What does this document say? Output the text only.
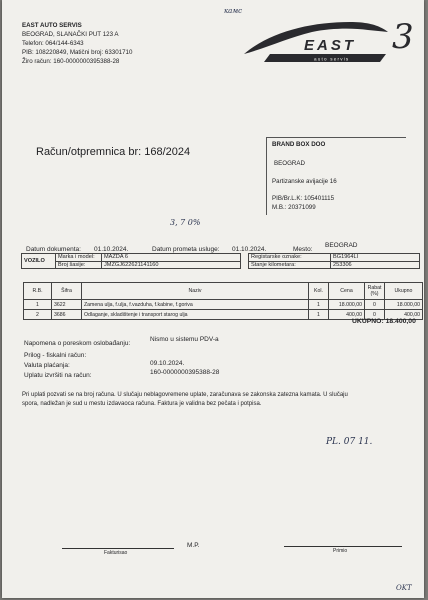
EAST AUTO SERVIS
BEOGRAD, SLANAČKI PUT 123 A
Telefon: 064/144-6343
PIB: 108220849, Matični broj: 63301710
Žiro račun: 160-0000000395388-28
EAST
auto servis
3
камс
Račun/otpremnica br: 168/2024
BRAND BOX DOO
BEOGRAD
Partizanske avijacije 16
PIB/Br.L.K: 105401115
M.B.: 20371099
3, 7 0%
Datum dokumenta: 01.10.2024.	Datum prometa usluge: 01.10.2024.	Mesto:
BEOGRAD
VOZILO	Marka i model:	MAZDA 6
	Broj šasije:	JMZGJ622621141160
Registarske oznake:	BG1964LI
Stanje kilometara:	253306
R.B.	Šifra	Naziv	Kol.	Cena	Rabat (%)	Ukupno
1	3622	Zamena ulja, f.ulja, f.vazduha, f.kabine, f.goriva	1	18.000,00	0	18.000,00
2	3686	Odlaganje, skladištenje i transport starog ulja	1	400,00	0	400,00
UKUPNO: 18.400,00
Napomena o poreskom oslobađanju:
Nismo u sistemu PDV-a
Prilog - fiskalni račun:
Valuta plaćanja:	09.10.2024.
Uplatu izvršiti na račun:	160-0000000395388-28
Pri uplati pozvati se na broj računa. U slučaju neblagovremene uplate, zaračunava se zakonska zatezna kamata. U slučaju
spora, nadležan je sud u mestu izdavaoca računa. Faktura je validna bez pečata i potpisa.
PL. 07 11.
Fakturisao
M.P.
Primio
OKT
